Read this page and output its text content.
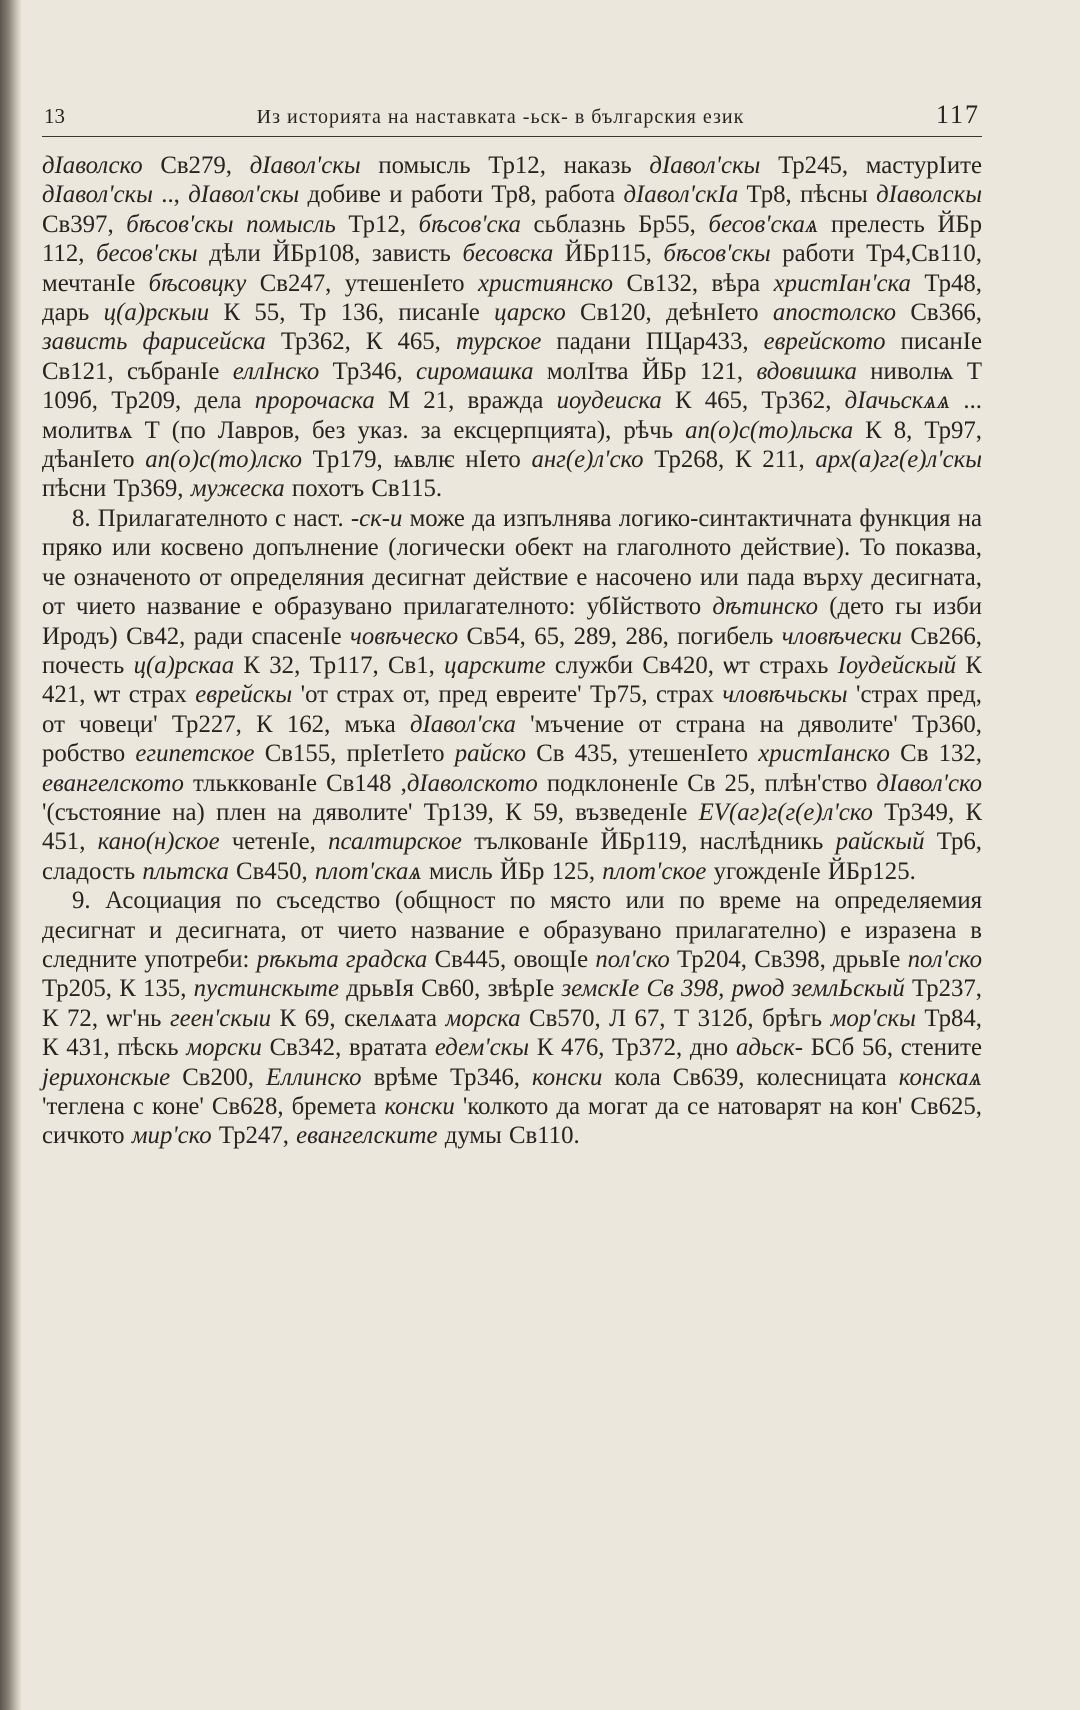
13	Из историята на наставката -ьск- в българския език	117

дІаволско Св279, дІавол'скы помысль Тр12, наказь дІавол'скы Тр245, мастурІите дІавол'скы .., дІавол'скы добиве и работи Тр8, работа дІавол'скІа Тр8, пѣсны дІаволскы Св397, бѣсов'скы помысль Тр12, бѣсов'ска сьблазнь Бр55, бесов'скаѧ прелесть ЙБр 112, бесов'скы дѣли ЙБр108, зависть бесовска ЙБр115, бѣсов'скы работи Тр4,Св110, мечтанІе бѣсовцку Св247, утешенІето християнско Св132, вѣра христІан'ска Тр48, дарь ц(а)рскыи К 55, Тр 136, писанІе царско Св120, деѣнІето апостолско Св366, зависть фарисейска Тр362, К 465, турское падани ПЦар433, еврейското писанІе Св121, събранІе еллІнско Тр346, сиромашка молІтва ЙБр 121, вдовишка ниволѩ Т 109б, Тр209, дела пророчаска М 21, вражда иѹдеиска К 465, Тр362, дІачьскѧѧ ... молитвѧ Т (по Лавров, без указ. за ексцерпцията), рѣчь ап(о)с(то)льска К 8, Тр97, дѣанІето ап(о)с(то)лско Тр179, ѩвлѥ нІето анг(е)л'ско Тр268, К 211, арх(а)гг(е)л'скы пѣсни Тр369, мужеска похотъ Св115.

8. Прилагателното с наст. -ск-и може да изпълнява логико-синтактичната функция на пряко или косвено допълнение (логически обект на глаголното действие). То показва, че означеното от определяния десигнат действие е насочено или пада върху десигната, от чието название е образувано прилагателното: убІйството дѣтинско (дето гы изби Иродъ) Св42, ради спасенІе човѣческо Св54, 65, 289, 286, погибель чловѣчески Св266, почесть ц(а)рскаа К 32, Тр117, Св1, царските служби Св420, ѡт страхь Іѹдейскый К 421, ѡт страх еврейскы 'от страх от, пред евреите' Тр75, страх чловѣчьскы 'страх пред, от човеци' Тр227, К 162, мъка дІавол'ска 'мъчение от страна на дяволите' Тр360, робство египетское Св155, прІетІето райско Св 435, утешенІето христІанско Св 132, евангелското тльккованІе Св148 ,дІаволското подклоненІе Св 25, плѣн'ство дІавол'ско '(състояние на) плен на дяволите' Тр139, К 59, възведенІе EV(аг)г(г(е)л'ско Тр349, К 451, кано(н)ское четенІе, псалтирское тълкованІе ЙБр119, наслѣдникь райскый Тр6, сладость пльтска Св450, плот'скаѧ мисль ЙБр 125, плот'ское угожденІе ЙБр125.

9. Асоциация по съседство (общност по място или по време на определяемия десигнат и десигната, от чието название е образувано прилагателно) е изразена в следните употреби: рѣкьта градска Св445, овощІе пол'ско Тр204, Св398, дрьвІе пол'ско Тр205, К 135, пустинскыте дрьвІя Св60, звѣрІе земскІе Св 398, рѡод землЬскый Тр237, К 72, ѡг'нь геен'скыи К 69, скелѧата морска Св570, Л 67, Т 312б, брѣгь мор'скы Тр84, К 431, пѣскь морски Св342, вратата едем'скы К 476, Тр372, дно адьск- БСб 56, стените јерихонскые Св200, Еллинско врѣме Тр346, конски кола Св639, колесницата конскаѧ 'теглена с коне' Св628, бремета конски 'колкото да могат да се натоварят на кон' Св625, сичкото мир'ско Тр247, евангелските думы Св110.
